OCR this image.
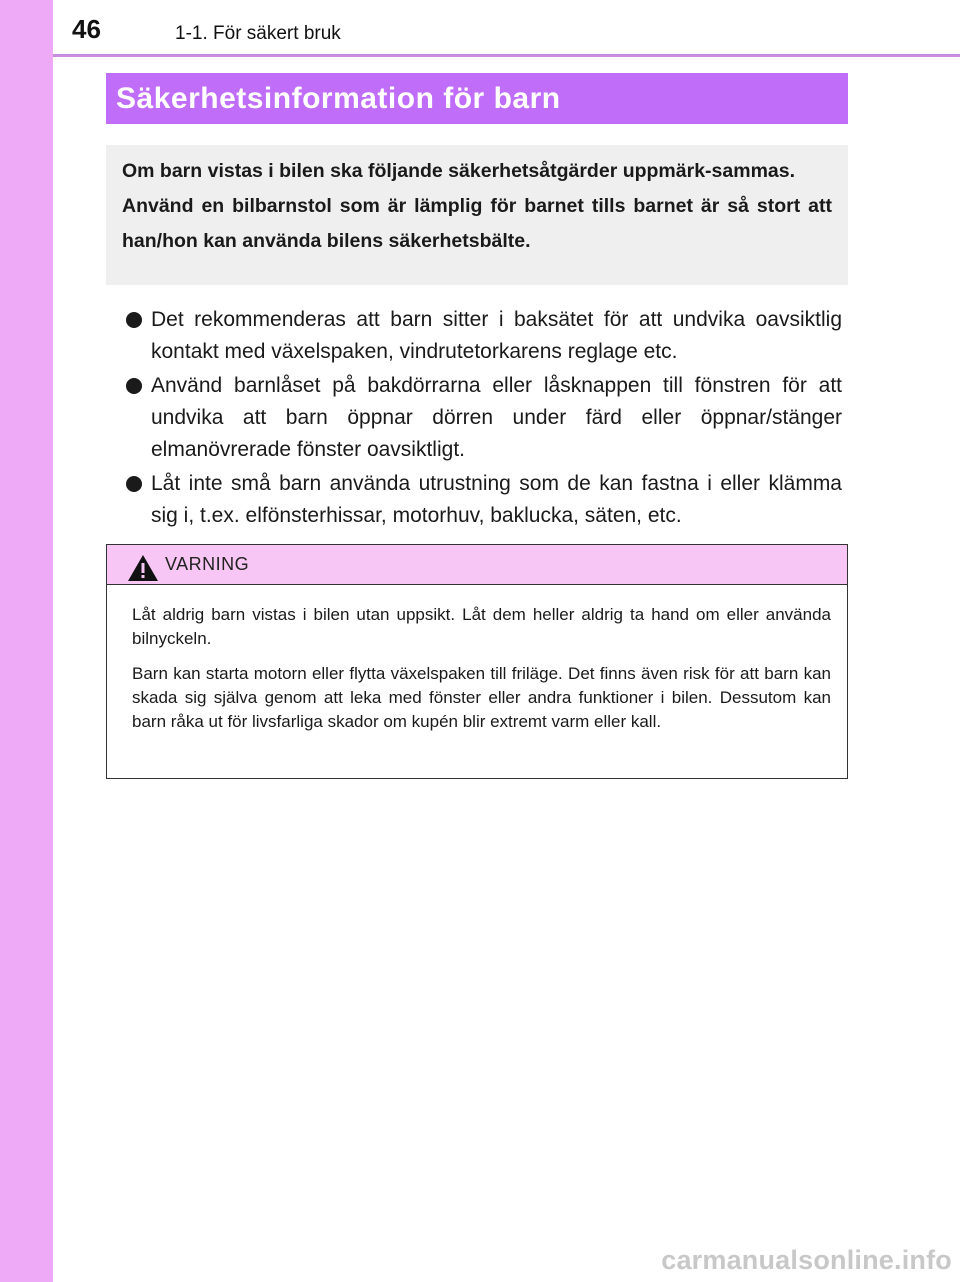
46	1-1. För säkert bruk
Säkerhetsinformation för barn

Om barn vistas i bilen ska följande säkerhetsåtgärder uppmärk-sammas.

Använd en bilbarnstol som är lämplig för barnet tills barnet är så stort att han/hon kan använda bilens säkerhetsbälte.

Det rekommenderas att barn sitter i baksätet för att undvika oavsiktlig kontakt med växelspaken, vindrutetorkarens reglage etc.
Använd barnlåset på bakdörrarna eller låsknappen till fönstren för att undvika att barn öppnar dörren under färd eller öppnar/stänger elmanövrerade fönster oavsiktligt.
Låt inte små barn använda utrustning som de kan fastna i eller klämma sig i, t.ex. elfönsterhissar, motorhuv, baklucka, säten, etc.
VARNING

Låt aldrig barn vistas i bilen utan uppsikt. Låt dem heller aldrig ta hand om eller använda bilnyckeln.

Barn kan starta motorn eller flytta växelspaken till friläge. Det finns även risk för att barn kan skada sig själva genom att leka med fönster eller andra funktioner i bilen. Dessutom kan barn råka ut för livsfarliga skador om kupén blir extremt varm eller kall.

carmanualsonline.info
